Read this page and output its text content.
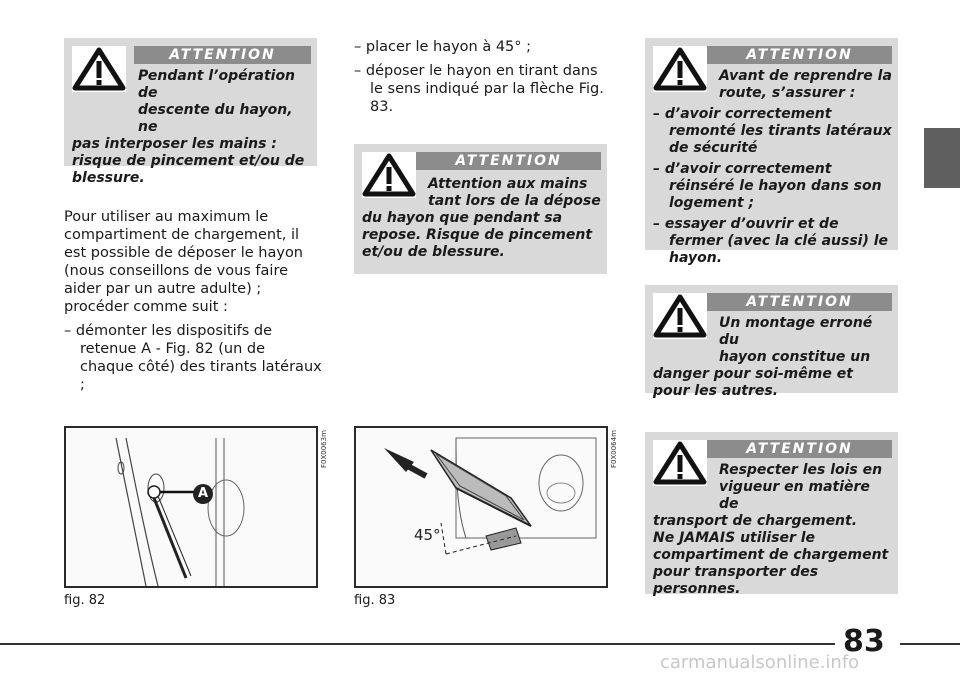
ATTENTION
Pendant l’opération de
descente du hayon, ne
pas interposer les mains : risque de pincement et/ou de blessure.
Pour utiliser au maximum le compartiment de chargement, il est possible de déposer le hayon (nous conseillons de vous faire aider par un autre adulte) ; procéder comme suit :
– démonter les dispositifs de retenue A - Fig. 82 (un de chaque côté) des tirants latéraux ;
A
F0X0063m
fig. 82
– placer le hayon à 45° ;
– déposer le hayon en tirant dans le sens indiqué par la flèche Fig. 83.
ATTENTION
Attention aux mains
tant lors de la dépose
du hayon que pendant sa repose. Risque de pincement et/ou de blessure.
45°
F0X0064m
fig. 83
ATTENTION
Avant de reprendre la
route, s’assurer :
– d’avoir correctement remonté les tirants latéraux de sécurité
– d’avoir correctement réinséré le hayon dans son logement ;
– essayer d’ouvrir et de fermer (avec la clé aussi) le hayon.
ATTENTION
Un montage erroné du
hayon constitue un
danger pour soi-même et pour les autres.
ATTENTION
Respecter les lois en
vigueur en matière de
transport de chargement.
Ne JAMAIS utiliser le compartiment de chargement pour transporter des personnes.
83
carmanualsonline.info
